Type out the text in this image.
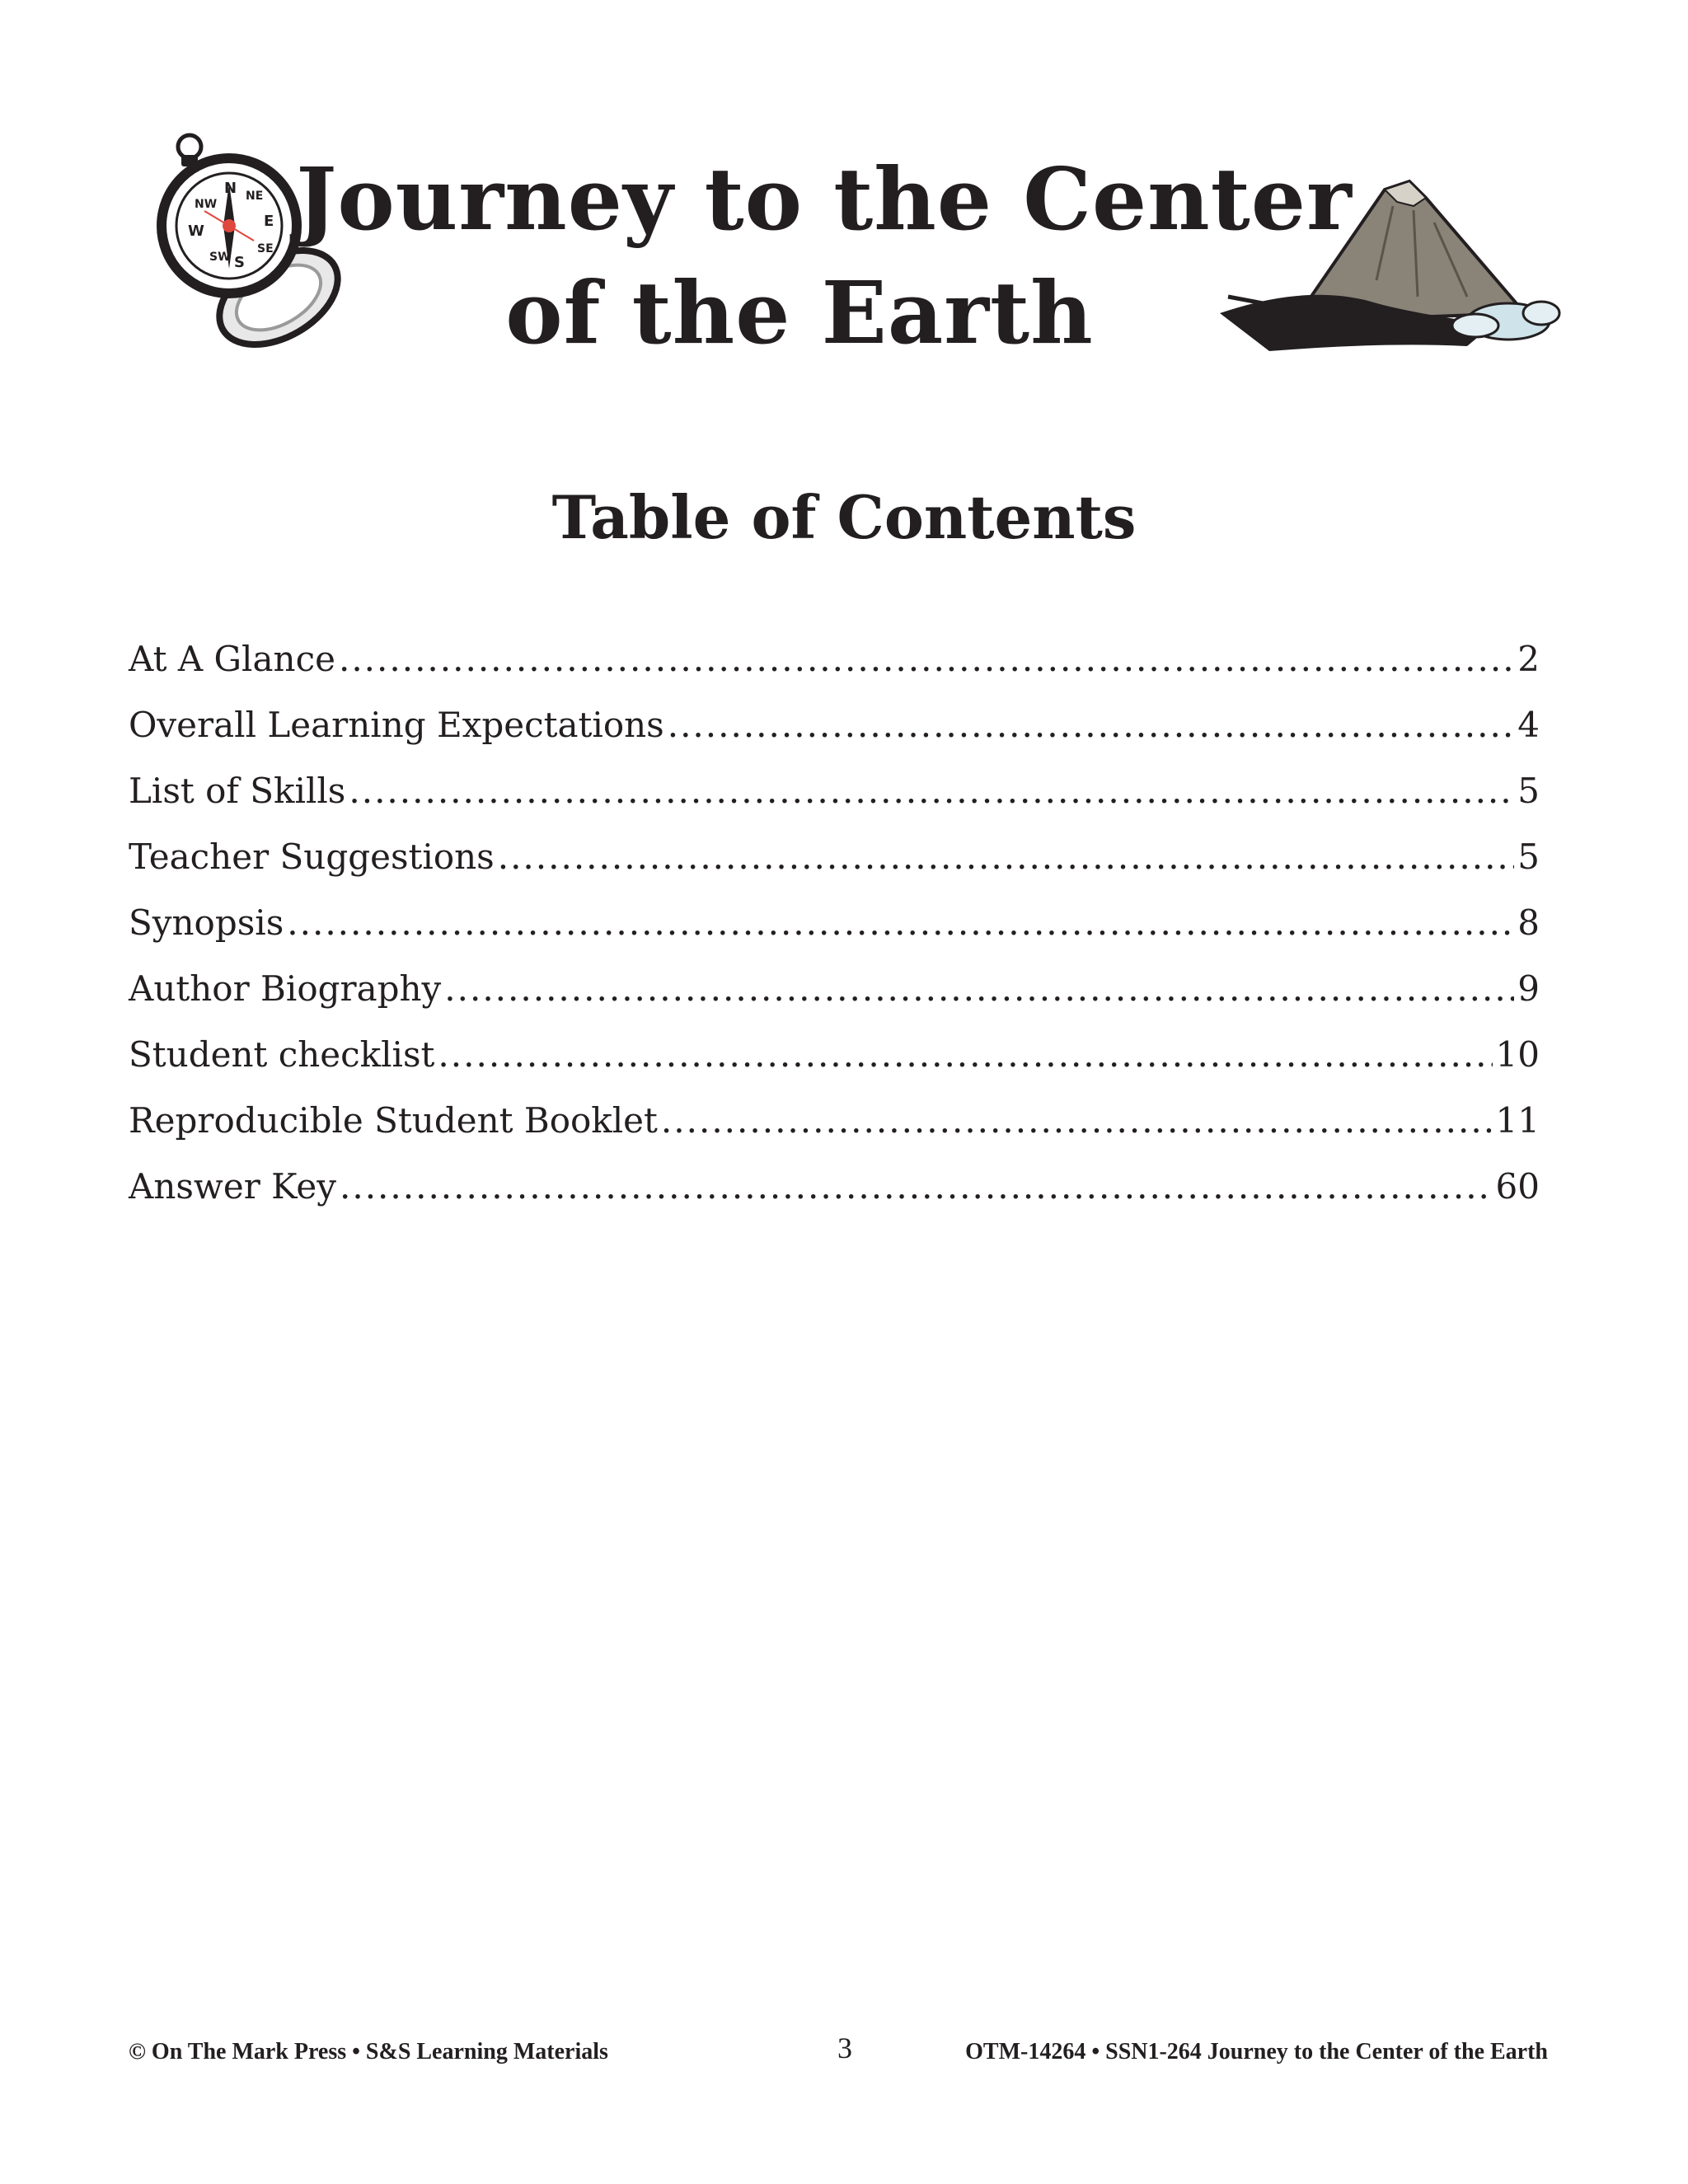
N NE
E
SE
S
SW
W
NW Journey to the Center
of the Earth
Table of Contents
At A Glance .....	2
Overall Learning Expectations .....	4
List of Skills .....	5
Teacher Suggestions .....	5
Synopsis .....	8
Author Biography .....	9
Student checklist .....	10
Reproducible Student Booklet .....	11
Answer Key .....	60
© On The Mark Press • S&S Learning Materials	3	OTM-14264 • SSN1-264 Journey to the Center of the Earth
